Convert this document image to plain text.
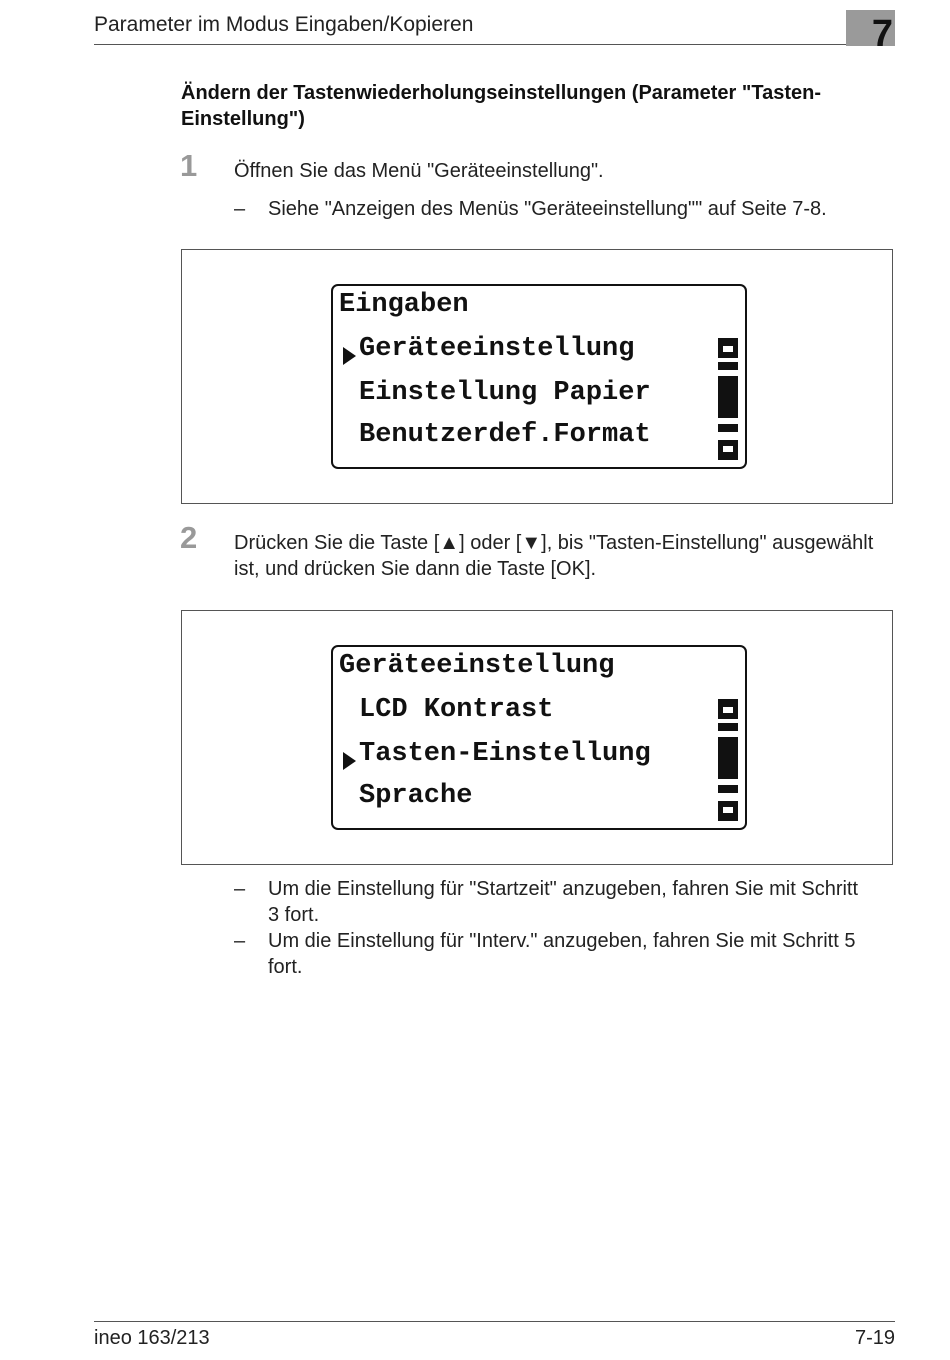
Parameter im Modus Eingaben/Kopieren	7
Ändern der Tastenwiederholungseinstellungen (Parameter "Tasten-Einstellung")
1 Öffnen Sie das Menü "Geräteeinstellung".
– Siehe "Anzeigen des Menüs "Geräteeinstellung"" auf Seite 7-8.
Eingaben
Geräteeinstellung
Einstellung Papier
Benutzerdef.Format
2 Drücken Sie die Taste [▲] oder [▼], bis "Tasten-Einstellung" ausgewählt ist, und drücken Sie dann die Taste [OK].
Geräteeinstellung
LCD Kontrast
Tasten-Einstellung
Sprache
– Um die Einstellung für "Startzeit" anzugeben, fahren Sie mit Schritt 3 fort.
– Um die Einstellung für "Interv." anzugeben, fahren Sie mit Schritt 5 fort.
ineo 163/213	7-19
